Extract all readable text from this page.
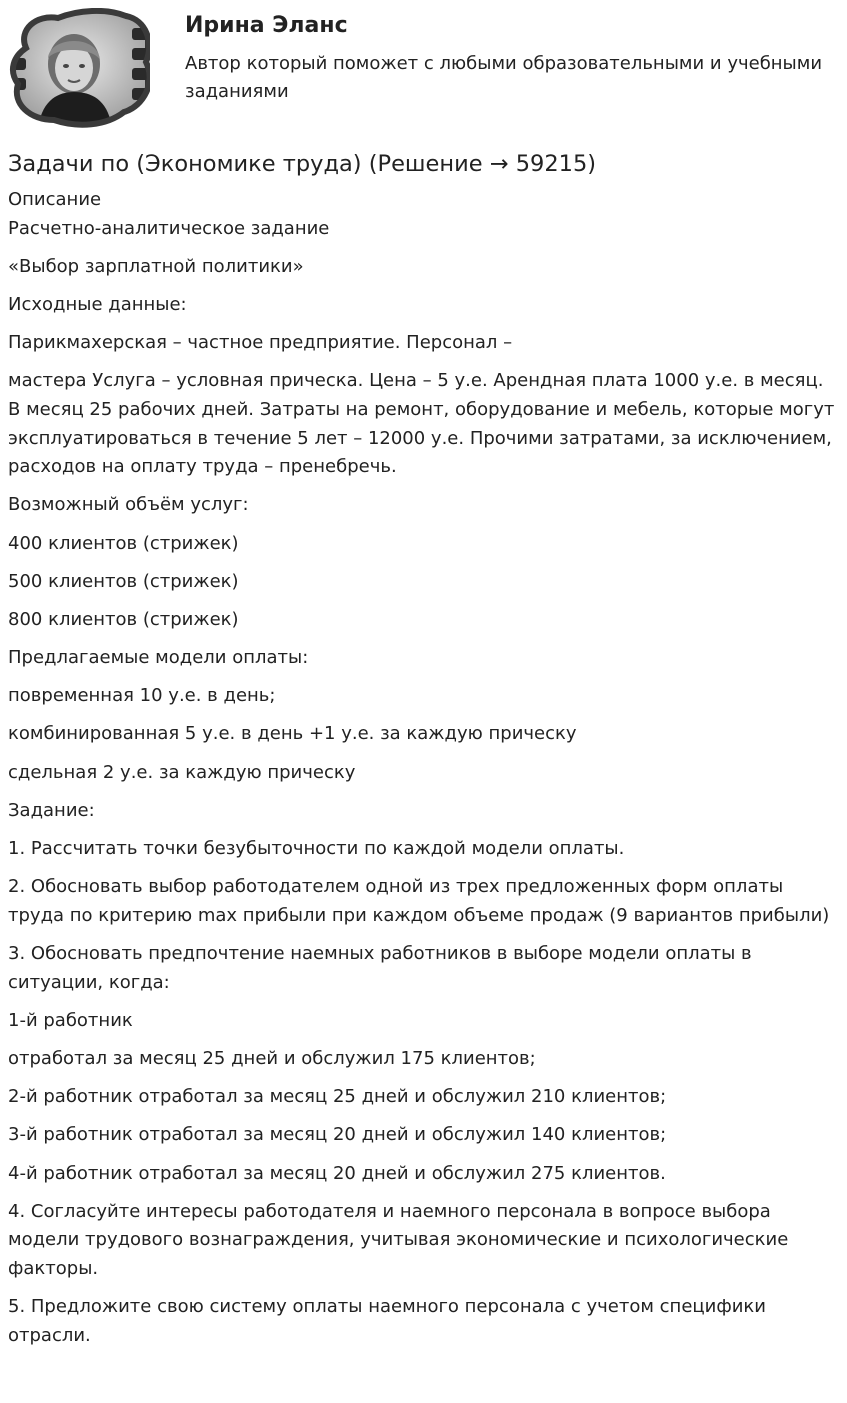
Ирина Эланс

Автор который поможет с любыми образовательными и учебными заданиями

Задачи по (Экономике труда) (Решение → 59215)

Описание

Расчетно-аналитическое задание

«Выбор зарплатной политики»

Исходные данные:

Парикмахерская – частное предприятие. Персонал –

мастера Услуга – условная прическа. Цена – 5 у.е. Арендная плата 1000 у.е. в месяц. В месяц 25 рабочих дней. Затраты на ремонт, оборудование и мебель, которые могут эксплуатироваться в течение 5 лет – 12000 у.е. Прочими затратами, за исключением, расходов на оплату труда – пренебречь.

Возможный объём услуг:

400 клиентов (стрижек)

500 клиентов (стрижек)

800 клиентов (стрижек)

Предлагаемые модели оплаты:

повременная 10 у.е. в день;

комбинированная 5 у.е. в день +1 у.е. за каждую прическу

сдельная 2 у.е. за каждую прическу

Задание:

1. Рассчитать точки безубыточности по каждой модели оплаты.

2. Обосновать выбор работодателем одной из трех предложенных форм оплаты труда по критерию max прибыли при каждом объеме продаж (9 вариантов прибыли)

3. Обосновать предпочтение наемных работников в выборе модели оплаты в ситуации, когда:

1-й работник

отработал за месяц 25 дней и обслужил 175 клиентов;

2-й работник отработал за месяц 25 дней и обслужил 210 клиентов;

3-й работник отработал за месяц 20 дней и обслужил 140 клиентов;

4-й работник отработал за месяц 20 дней и обслужил 275 клиентов.

4. Согласуйте интересы работодателя и наемного персонала в вопросе выбора модели трудового вознаграждения, учитывая экономические и психологические факторы.

5. Предложите свою систему оплаты наемного персонала с учетом специфики отрасли.
